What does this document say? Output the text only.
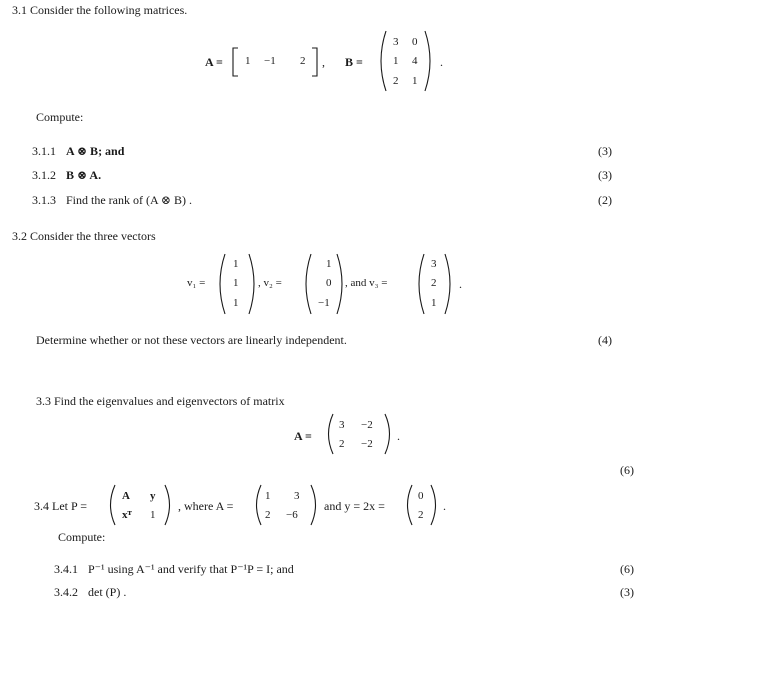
3.1 Consider the following matrices.
A = 1 −1 2 , B =
3 0
1 4
2 1
.
Compute:
3.1.1 A ⊗ B; and	(3)
3.1.2 B ⊗ A.	(3)
3.1.3 Find the rank of (A ⊗ B) .	(2)
3.2 Consider the three vectors
v₁ =
1
1
1
, v₂ =
1
0
−1
, and v₃ =
3
2
1
.
Determine whether or not these vectors are linearly independent.	(4)
3.3 Find the eigenvalues and eigenvectors of matrix
A =
3 −2
2 −2
.
(6)
3.4 Let P =
A y
xᵀ 1
, where A =
1 3
2 −6
and y = 2x =
0
2
.
Compute:
3.4.1 P⁻¹ using A⁻¹ and verify that P⁻¹P = I; and	(6)
3.4.2 det (P) .	(3)
